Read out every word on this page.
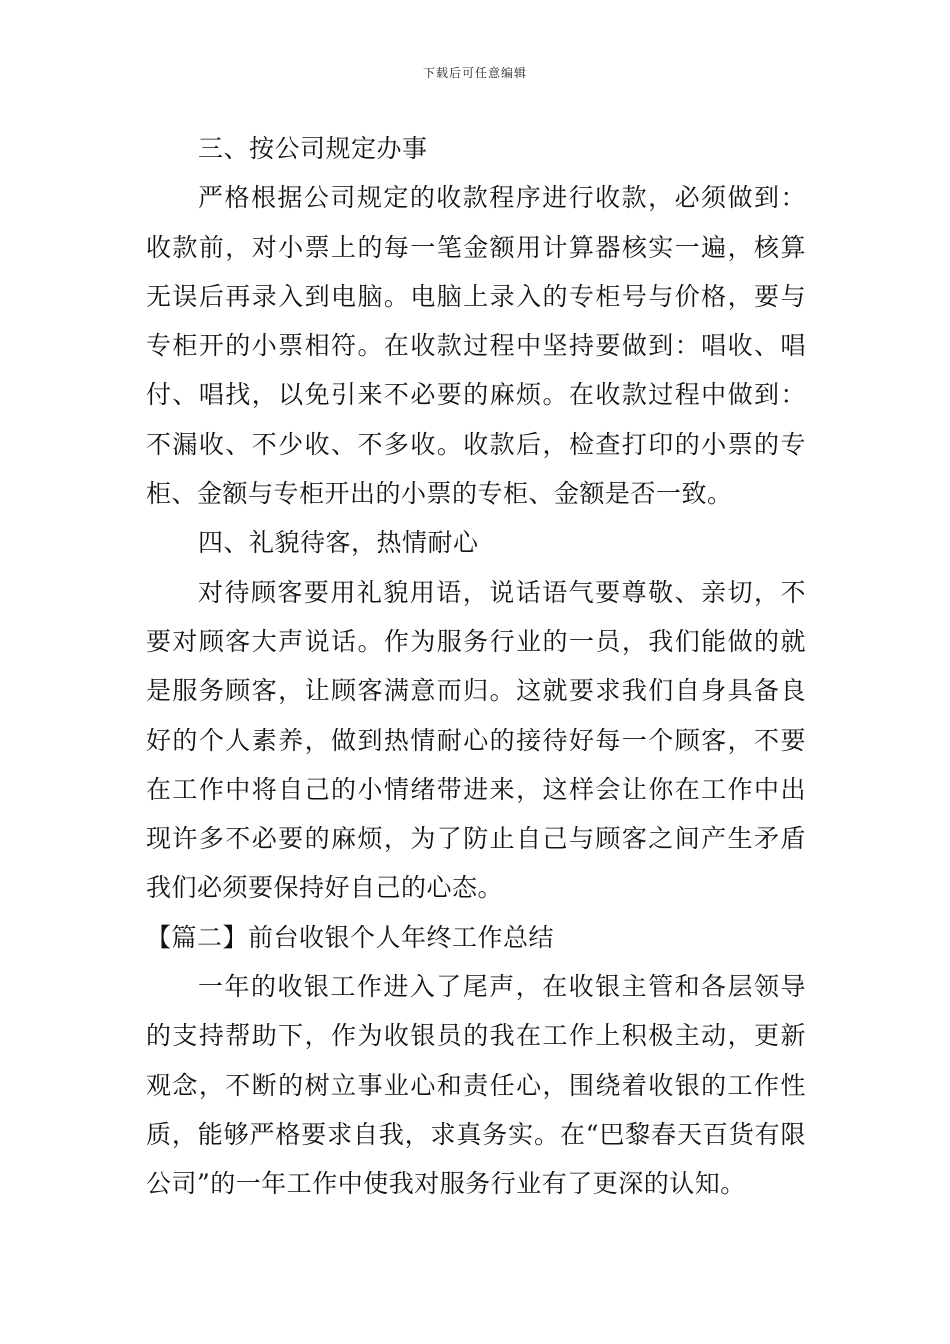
下载后可任意编辑

三、按公司规定办事

严格根据公司规定的收款程序进行收款，必须做到：收款前，对小票上的每一笔金额用计算器核实一遍，核算无误后再录入到电脑。电脑上录入的专柜号与价格，要与专柜开的小票相符。在收款过程中坚持要做到：唱收、唱付、唱找，以免引来不必要的麻烦。在收款过程中做到：不漏收、不少收、不多收。收款后，检查打印的小票的专柜、金额与专柜开出的小票的专柜、金额是否一致。

四、礼貌待客，热情耐心

对待顾客要用礼貌用语，说话语气要尊敬、亲切，不要对顾客大声说话。作为服务行业的一员，我们能做的就是服务顾客，让顾客满意而归。这就要求我们自身具备良好的个人素养，做到热情耐心的接待好每一个顾客，不要在工作中将自己的小情绪带进来，这样会让你在工作中出现许多不必要的麻烦，为了防止自己与顾客之间产生矛盾我们必须要保持好自己的心态。

【篇二】前台收银个人年终工作总结

一年的收银工作进入了尾声，在收银主管和各层领导的支持帮助下，作为收银员的我在工作上积极主动，更新观念，不断的树立事业心和责任心，围绕着收银的工作性质，能够严格要求自我，求真务实。在“巴黎春天百货有限公司”的一年工作中使我对服务行业有了更深的认知。
